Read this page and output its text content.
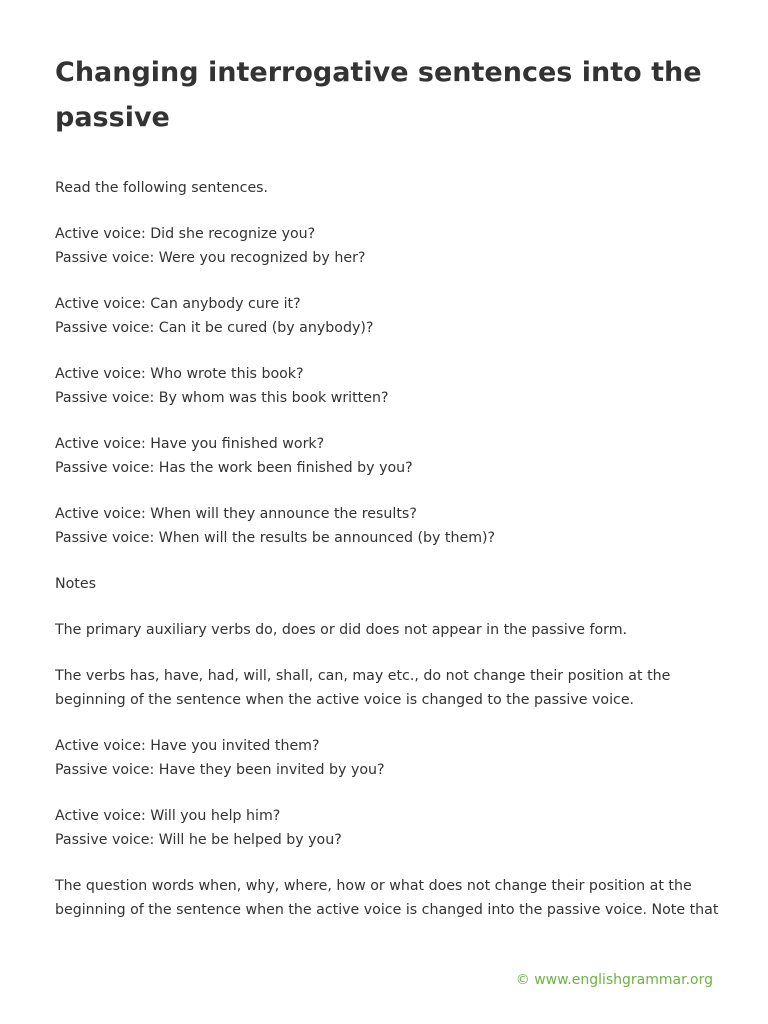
Changing interrogative sentences into the passive

Read the following sentences.

Active voice: Did she recognize you?
Passive voice: Were you recognized by her?

Active voice: Can anybody cure it?
Passive voice: Can it be cured (by anybody)?

Active voice: Who wrote this book?
Passive voice: By whom was this book written?

Active voice: Have you finished work?
Passive voice: Has the work been finished by you?

Active voice: When will they announce the results?
Passive voice: When will the results be announced (by them)?

Notes

The primary auxiliary verbs do, does or did does not appear in the passive form.

The verbs has, have, had, will, shall, can, may etc., do not change their position at the
beginning of the sentence when the active voice is changed to the passive voice.

Active voice: Have you invited them?
Passive voice: Have they been invited by you?

Active voice: Will you help him?
Passive voice: Will he be helped by you?

The question words when, why, where, how or what does not change their position at the
beginning of the sentence when the active voice is changed into the passive voice. Note that

© www.englishgrammar.org
